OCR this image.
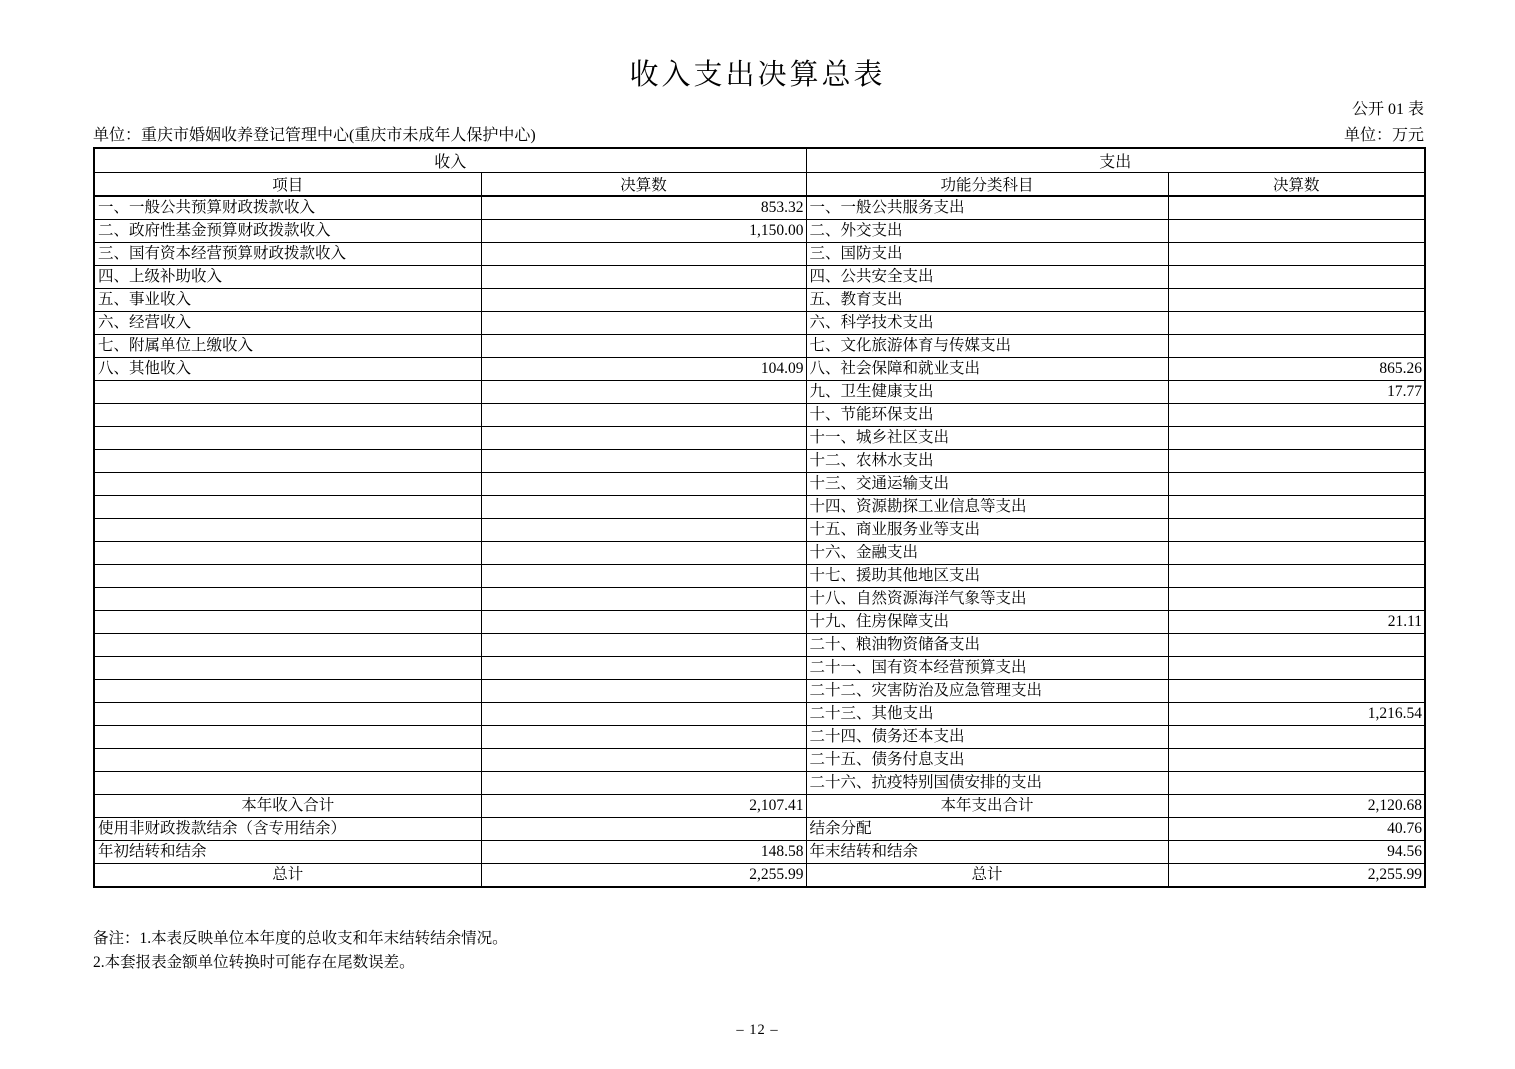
收入支出决算总表
公开 01 表
单位：重庆市婚姻收养登记管理中心(重庆市未成年人保护中心)	单位：万元
收入		支出	
项目	决算数	功能分类科目	决算数
一、一般公共预算财政拨款收入	853.32	一、一般公共服务支出	
二、政府性基金预算财政拨款收入	1,150.00	二、外交支出	
三、国有资本经营预算财政拨款收入		三、国防支出	
四、上级补助收入		四、公共安全支出	
五、事业收入		五、教育支出	
六、经营收入		六、科学技术支出	
七、附属单位上缴收入		七、文化旅游体育与传媒支出	
八、其他收入	104.09	八、社会保障和就业支出	865.26
		九、卫生健康支出	17.77
		十、节能环保支出	
		十一、城乡社区支出	
		十二、农林水支出	
		十三、交通运输支出	
		十四、资源勘探工业信息等支出	
		十五、商业服务业等支出	
		十六、金融支出	
		十七、援助其他地区支出	
		十八、自然资源海洋气象等支出	
		十九、住房保障支出	21.11
		二十、粮油物资储备支出	
		二十一、国有资本经营预算支出	
		二十二、灾害防治及应急管理支出	
		二十三、其他支出	1,216.54
		二十四、债务还本支出	
		二十五、债务付息支出	
		二十六、抗疫特别国债安排的支出	
本年收入合计	2,107.41	本年支出合计	2,120.68
使用非财政拨款结余（含专用结余）		结余分配	40.76
年初结转和结余	148.58	年末结转和结余	94.56
总计	2,255.99	总计	2,255.99
备注：1.本表反映单位本年度的总收支和年末结转结余情况。
2.本套报表金额单位转换时可能存在尾数误差。
– 12 –
